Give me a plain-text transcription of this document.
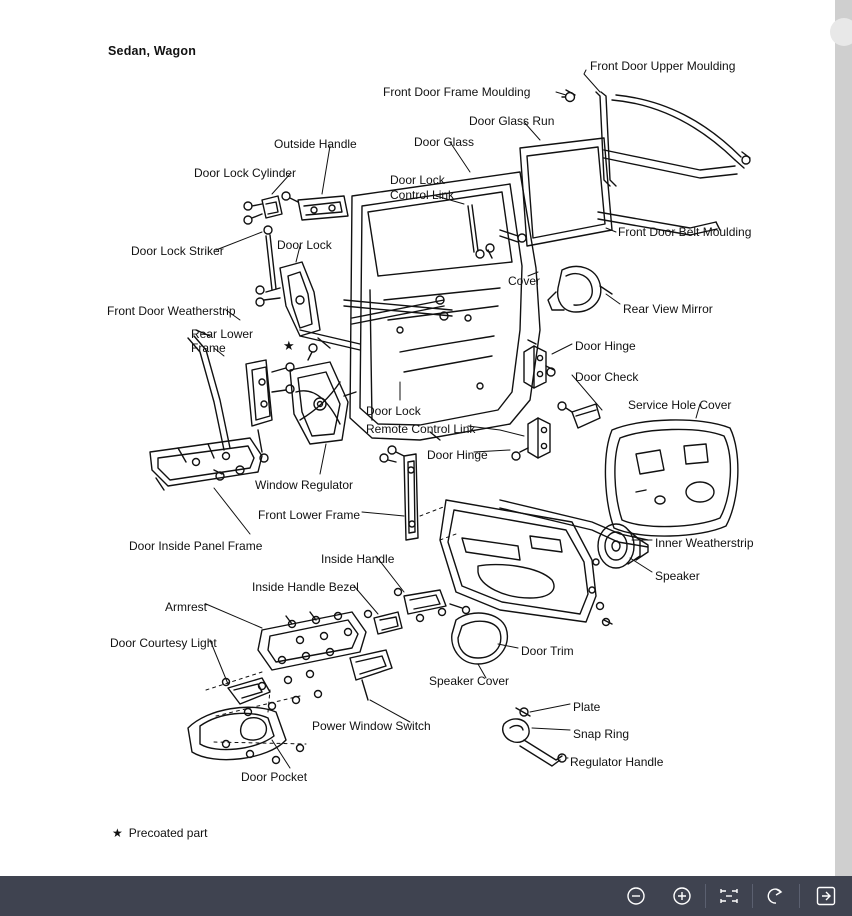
Sedan, Wagon
★
★ Precoated part
Front Door Upper Moulding
Front Door Frame Moulding
Door Glass Run
Door Glass
Outside Handle
Door Lock Cylinder	Door Lock
Control Link
Front Door Belt Moulding
Door Lock Striker	Door Lock
Cover
Rear View Mirror
Front Door Weatherstrip
Rear Lower
Frame	Door Hinge
Door Check
Service Hole Cover
Door Lock
Remote Control Link
Door Hinge
Window Regulator
Front Lower Frame
Inner Weatherstrip
Door Inside Panel Frame
Inside Handle
Speaker
Inside Handle Bezel
Armrest
Door Courtesy Light
Door Trim
Speaker Cover
Plate
Power Window Switch
Snap Ring
Regulator Handle
Door Pocket
